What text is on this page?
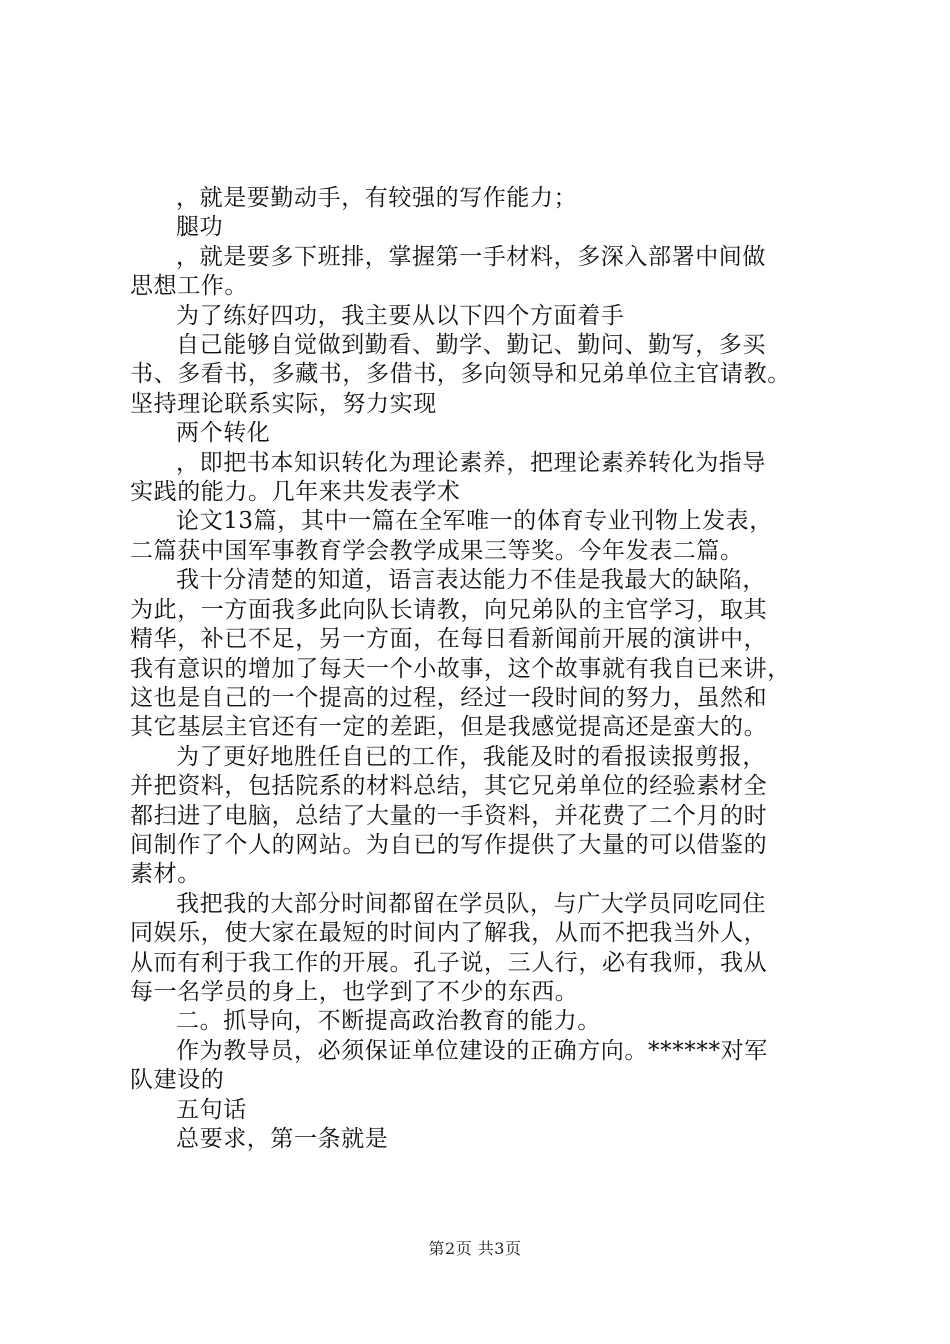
，就是要勤动手，有较强的写作能力；

腿功

，就是要多下班排，掌握第一手材料，多深入部署中间做
思想工作。

为了练好四功，我主要从以下四个方面着手

自己能够自觉做到勤看、勤学、勤记、勤问、勤写，多买
书、多看书，多藏书，多借书，多向领导和兄弟单位主官请教。
坚持理论联系实际，努力实现

两个转化

，即把书本知识转化为理论素养，把理论素养转化为指导
实践的能力。几年来共发表学术

论文13篇，其中一篇在全军唯一的体育专业刊物上发表，
二篇获中国军事教育学会教学成果三等奖。今年发表二篇。

我十分清楚的知道，语言表达能力不佳是我最大的缺陷，
为此，一方面我多此向队长请教，向兄弟队的主官学习，取其
精华，补已不足，另一方面，在每日看新闻前开展的演讲中，
我有意识的增加了每天一个小故事，这个故事就有我自已来讲，
这也是自己的一个提高的过程，经过一段时间的努力，虽然和
其它基层主官还有一定的差距，但是我感觉提高还是蛮大的。

为了更好地胜任自已的工作，我能及时的看报读报剪报，
并把资料，包括院系的材料总结，其它兄弟单位的经验素材全
都扫进了电脑，总结了大量的一手资料，并花费了二个月的时
间制作了个人的网站。为自已的写作提供了大量的可以借鉴的
素材。

我把我的大部分时间都留在学员队，与广大学员同吃同住
同娱乐，使大家在最短的时间内了解我，从而不把我当外人，
从而有利于我工作的开展。孔子说，三人行，必有我师，我从
每一名学员的身上，也学到了不少的东西。

二。抓导向，不断提高政治教育的能力。

作为教导员，必须保证单位建设的正确方向。******对军
队建设的

五句话

总要求，第一条就是

第2页 共3页
